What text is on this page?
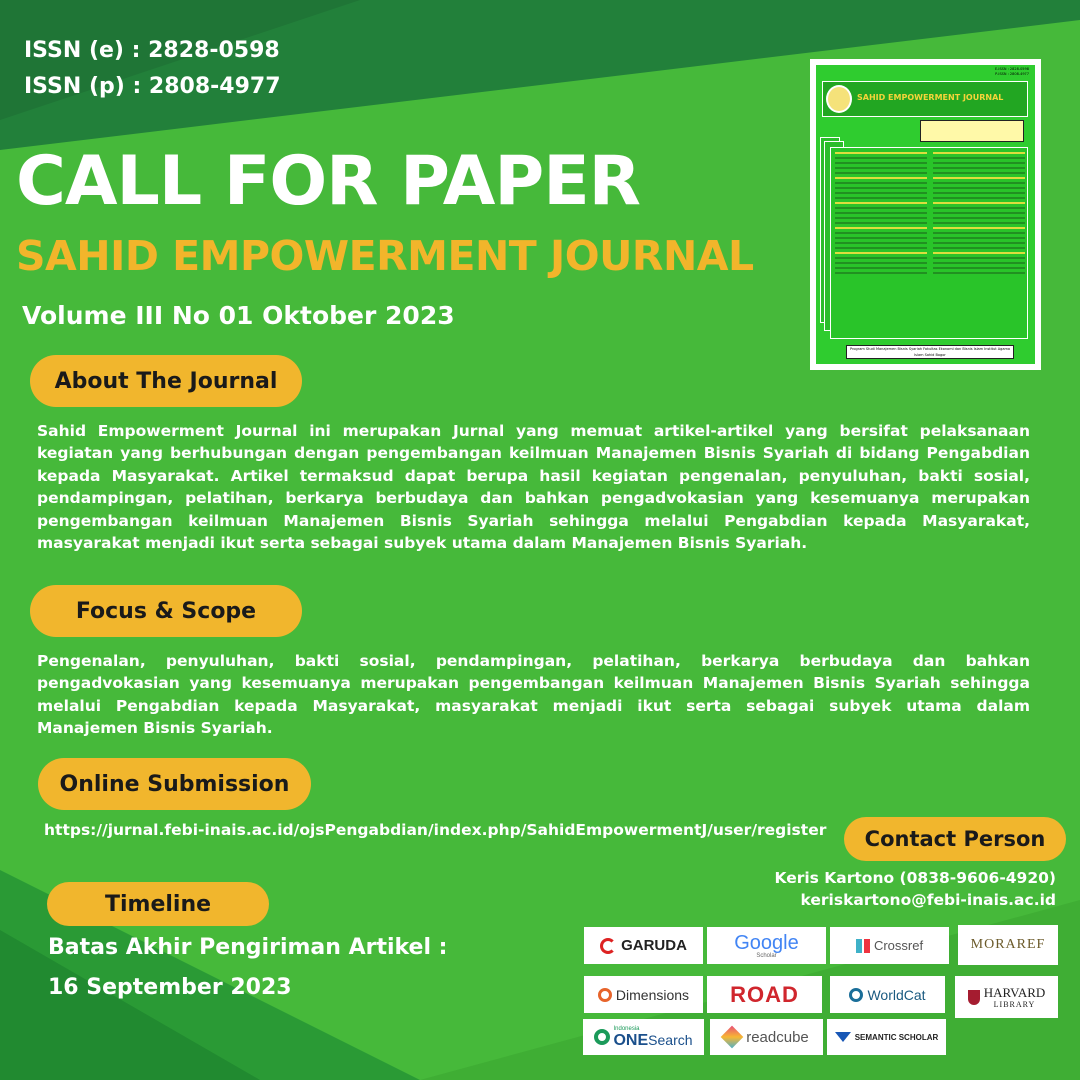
ISSN (e) : 2828-0598
ISSN (p) : 2808-4977
CALL FOR PAPER
SAHID EMPOWERMENT JOURNAL
Volume III No 01 Oktober 2023
SAHID EMPOWERMENT JOURNAL
E-ISSN : 2828-0598
P-ISSN : 2808-4977
Program Studi Manajemen Bisnis Syariah Fakultas Ekonomi dan Bisnis Islam Institut Agama Islam Sahid Bogor
About The Journal
Sahid Empowerment Journal ini merupakan Jurnal yang memuat artikel-artikel yang bersifat pelaksanaan kegiatan yang berhubungan dengan pengembangan keilmuan Manajemen Bisnis Syariah di bidang Pengabdian kepada Masyarakat. Artikel termaksud dapat berupa hasil kegiatan pengenalan, penyuluhan, bakti sosial, pendampingan, pelatihan, berkarya berbudaya dan bahkan pengadvokasian yang kesemuanya merupakan pengembangan keilmuan Manajemen Bisnis Syariah sehingga melalui Pengabdian kepada Masyarakat, masyarakat menjadi ikut serta sebagai subyek utama dalam Manajemen Bisnis Syariah.
Focus & Scope
Pengenalan, penyuluhan, bakti sosial, pendampingan, pelatihan, berkarya berbudaya dan bahkan pengadvokasian yang kesemuanya merupakan pengembangan keilmuan Manajemen Bisnis Syariah sehingga melalui Pengabdian kepada Masyarakat, masyarakat menjadi ikut serta sebagai subyek utama dalam Manajemen Bisnis Syariah.
Online Submission
https://jurnal.febi-inais.ac.id/ojsPengabdian/index.php/SahidEmpowermentJ/user/register	Contact Person
Keris Kartono (0838-9606-4920)
keriskartono@febi-inais.ac.id
Timeline
Batas Akhir Pengiriman Artikel :
16 September 2023
GARUDA Google
Scholar
Crossref	MORAREF
Dimensions ROAD	WorldCat	HARVARD
LIBRARY
Indonesia
ONESearch	readcube	SEMANTIC SCHOLAR
